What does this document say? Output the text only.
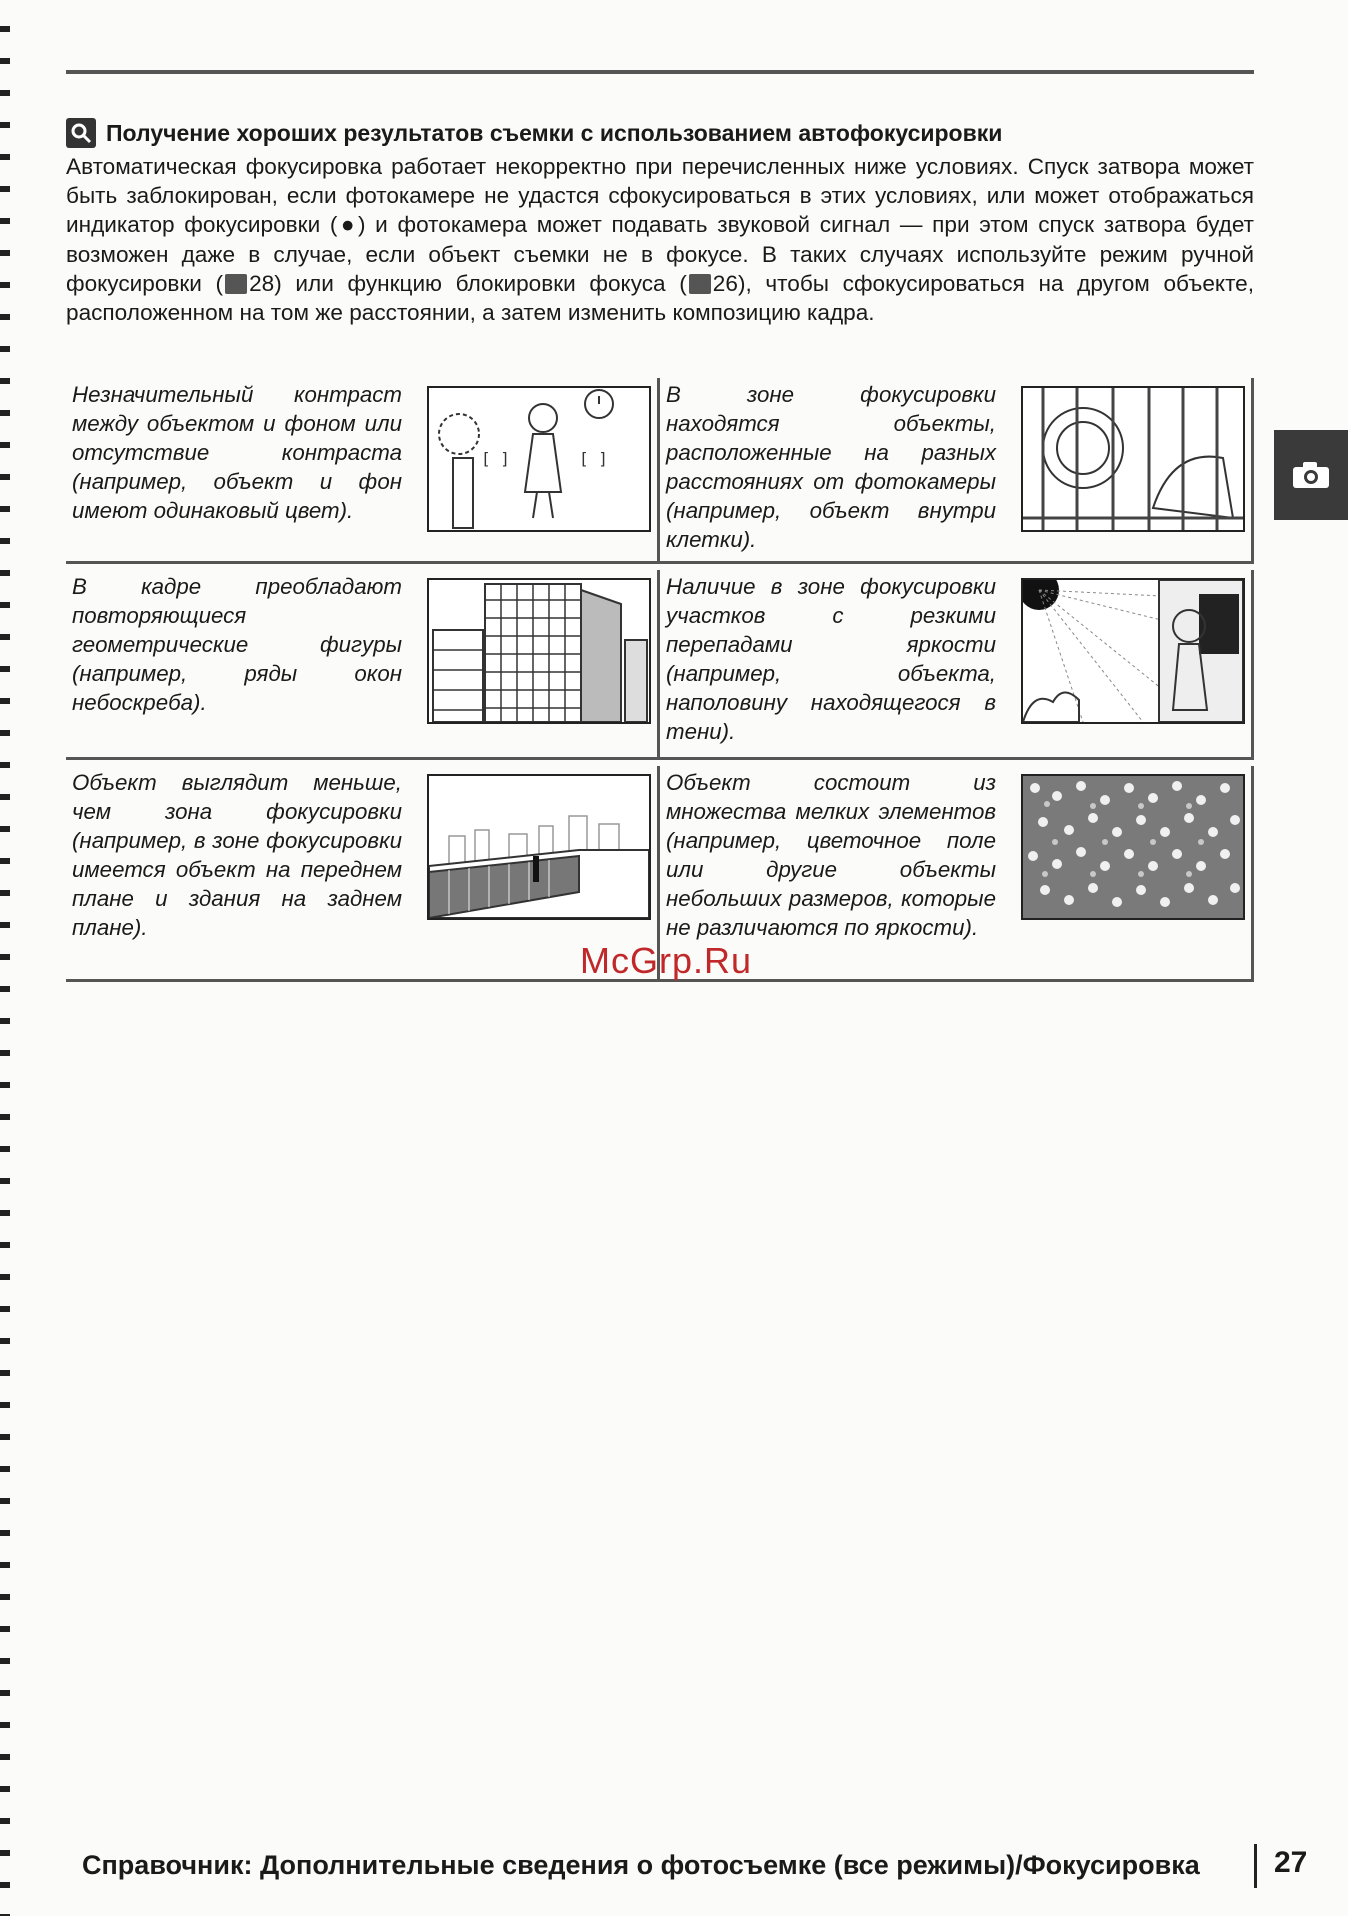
Получение хороших результатов съемки с использованием автофокусировки

Автоматическая фокусировка работает некорректно при перечисленных ниже условиях. Спуск затвора может быть заблокирован, если фотокамере не удастся сфокусироваться в этих условиях, или может отображаться индикатор фокусировки (●) и фотокамера может подавать звуковой сигнал — при этом спуск затвора будет возможен даже в случае, если объект съемки не в фокусе. В таких случаях используйте режим ручной фокусировки ( 28) или функцию блокировки фокуса ( 26), чтобы сфокусироваться на другом объекте, расположенном на том же расстоянии, а затем изменить композицию кадра.

Незначительный контраст между объектом и фоном или отсутствие контраста (например, объект и фон имеют одинаковый цвет).

[ ]	[ ]

В зоне фокусировки находятся объекты, расположенные на разных расстояниях от фотокамеры (например, объект внутри клетки).

В кадре преобладают повторяющиеся геометрические фигуры (например, ряды окон небоскреба).

Наличие в зоне фокусировки участков с резкими перепадами яркости (например, объекта, наполовину находящегося в тени).

Объект выглядит меньше, чем зона фокусировки (например, в зоне фокусировки имеется объект на переднем плане и здания на заднем плане).

Объект состоит из множества мелких элементов (например, цветочное поле или другие объекты небольших размеров, которые не различаются по яркости).

McGrp.Ru
Справочник: Дополнительные сведения о фотосъемке (все режимы)/Фокусировка 27
